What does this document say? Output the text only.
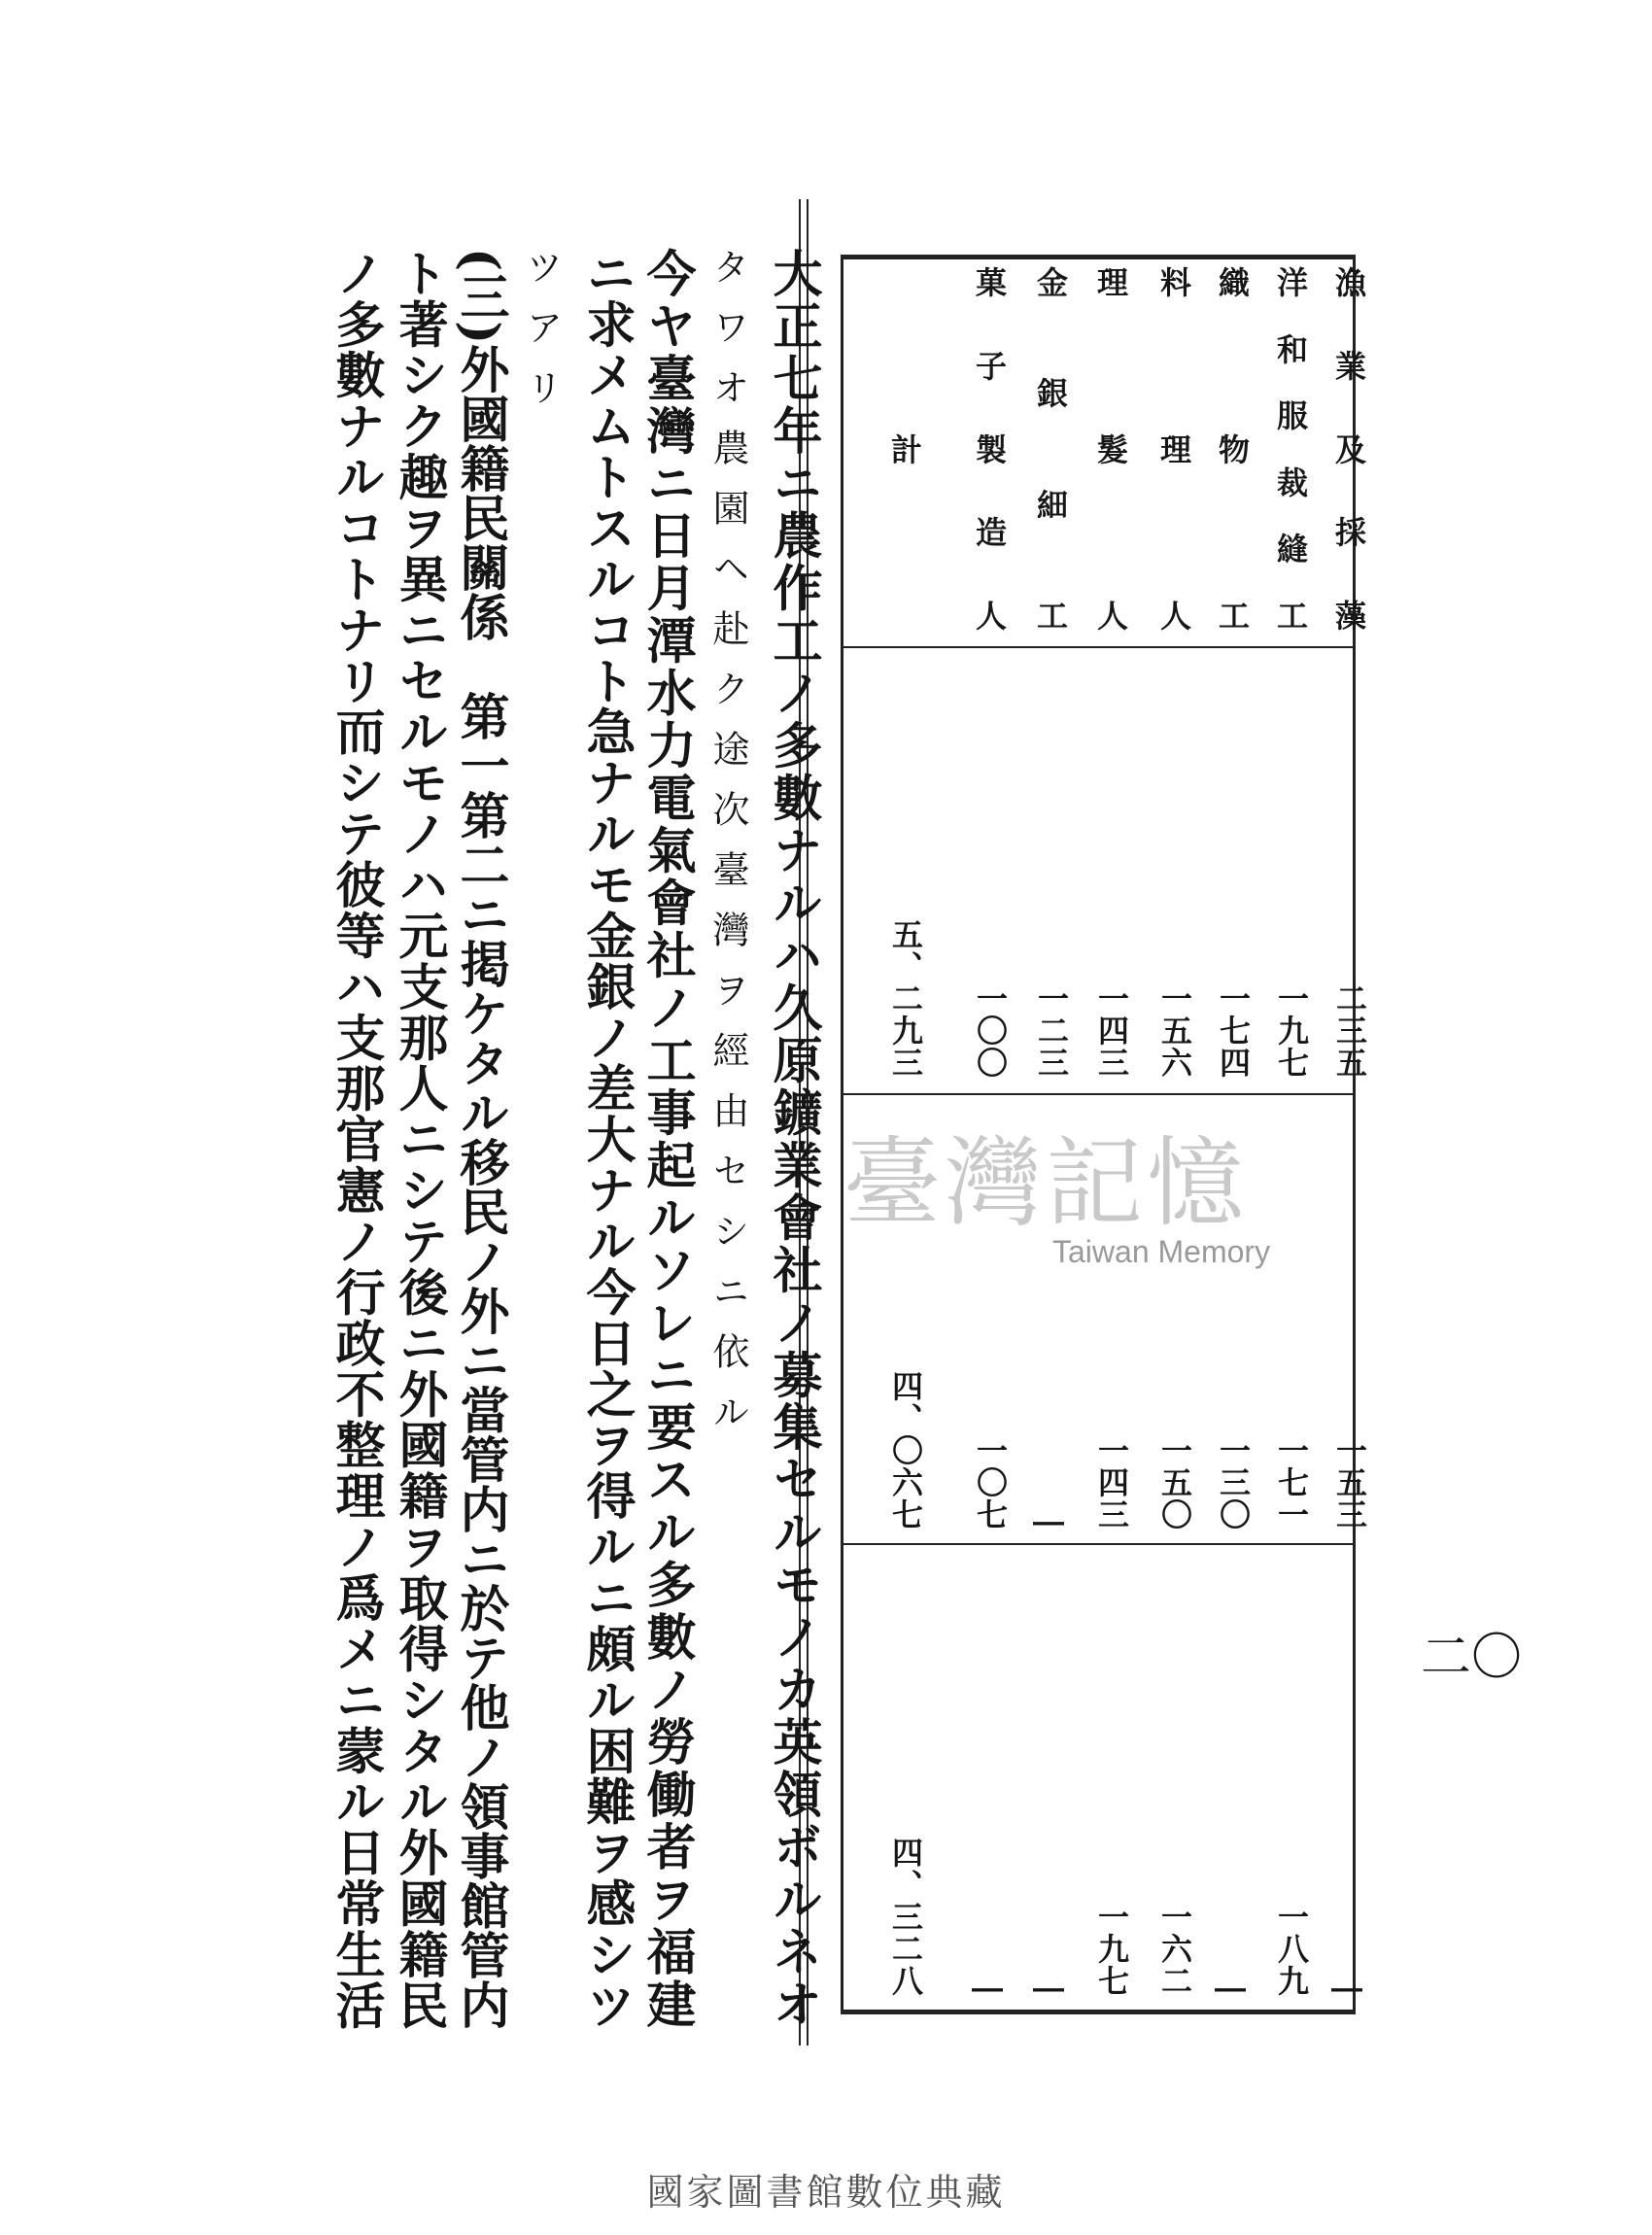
漁
業
及
採
藻
洋
和
服
裁
縫
工
織
物
工
料
理
人
理
髮
人
金
銀
細
工
菓
子
製
造
人
計
二三五
一九七
一七四
一五六
一四三
一二三
一〇〇
五、二九三
一五三
一七一
一三〇
一五〇
一四三
|
一〇七
四、〇六七
|
一八九
|
一六二
一九七
|
|
四、三二八
大正七年ニ農作工ノ多數ナルハ久原鑛業會社ノ募集セルモノカ英領ボルネオ
タワオ農園ヘ赴ク途次臺灣ヲ經由セシニ依ル
今ヤ臺灣ニ日月潭水力電氣會社ノ工事起ルソレニ要スル多數ノ勞働者ヲ福建
ニ求メムトスルコト急ナルモ金銀ノ差大ナル今日之ヲ得ルニ頗ル困難ヲ感シツ
ツアリ
(三)外國籍民關係　第一第二ニ掲ケタル移民ノ外ニ當管内ニ於テ他ノ領事館管内
ト著シク趣ヲ異ニセルモノハ元支那人ニシテ後ニ外國籍ヲ取得シタル外國籍民
ノ多數ナルコトナリ而シテ彼等ハ支那官憲ノ行政不整理ノ爲メニ蒙ル日常生活	二〇
臺灣記憶
Taiwan Memory
國家圖書館數位典藏
